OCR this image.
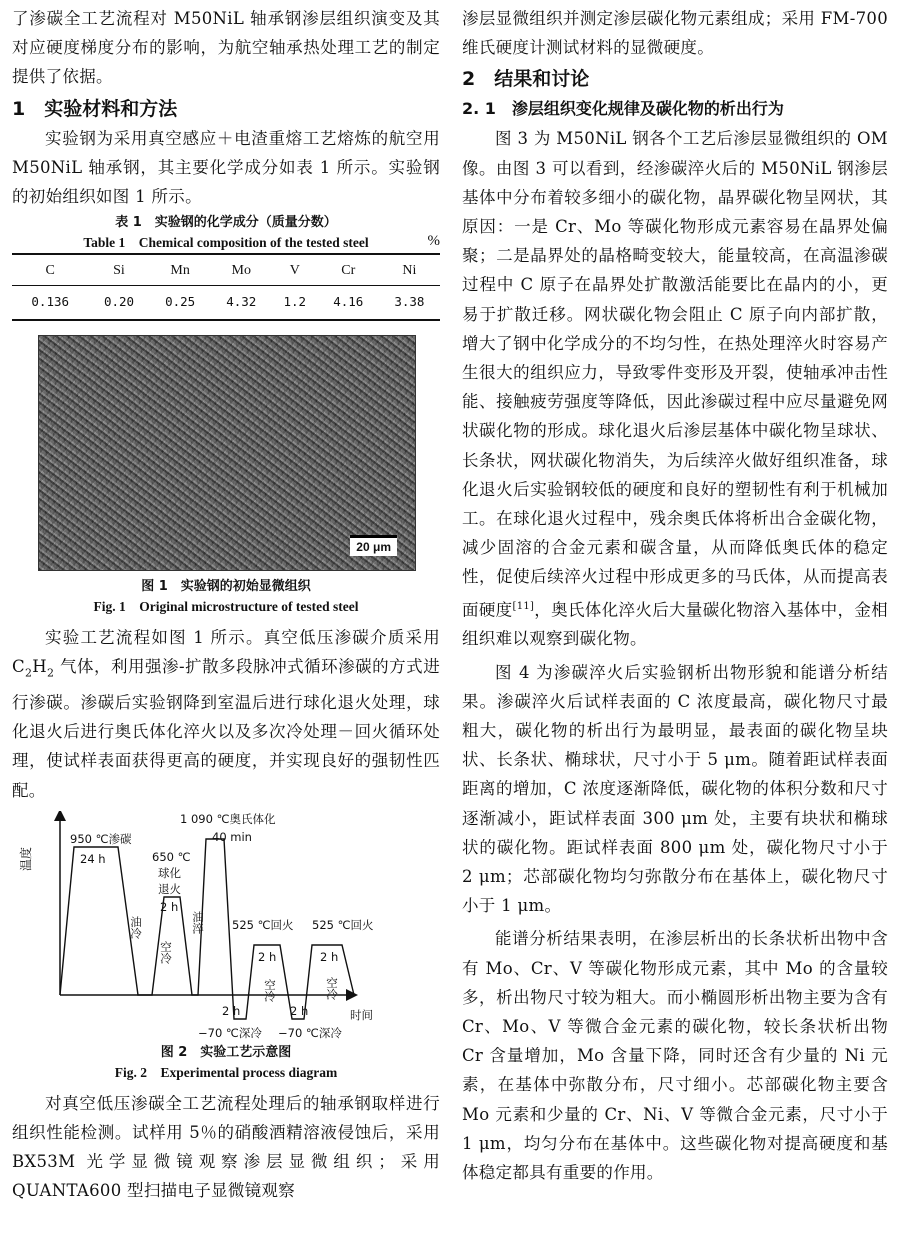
了渗碳全工艺流程对 M50NiL 轴承钢渗层组织演变及其对应硬度梯度分布的影响，为航空轴承热处理工艺的制定提供了依据。

1　实验材料和方法

实验钢为采用真空感应＋电渣重熔工艺熔炼的航空用 M50NiL 轴承钢，其主要化学成分如表 1 所示。实验钢的初始组织如图 1 所示。

表 1　实验钢的化学成分（质量分数）

Table 1　Chemical composition of the tested steel	%
C	Si	Mn	Mo	V	Cr	Ni
0.136	0.20	0.25	4.32	1.2	4.16	3.38
20 μm

图 1　实验钢的初始显微组织

Fig. 1　Original microstructure of tested steel

实验工艺流程如图 1 所示。真空低压渗碳介质采用 $C_2H_2$ 气体，利用强渗-扩散多段脉冲式循环渗碳的方式进行渗碳。渗碳后实验钢降到室温后进行球化退火处理，球化退火后进行奥氏体化淬火以及多次冷处理－回火循环处理，使试样表面获得更高的硬度，并实现良好的强韧性匹配。

温度
时间
950 ℃渗碳
24 h
油冷
650 ℃
球化
退火
2 h
空冷
1 090 ℃奥氏体化
40 min
油淬
2 h
−70 ℃深冷
525 ℃回火
2 h
空冷
2 h
−70 ℃深冷
525 ℃回火
2 h
空冷

图 2　实验工艺示意图

Fig. 2　Experimental process diagram

对真空低压渗碳全工艺流程处理后的轴承钢取样进行组织性能检测。试样用 5％的硝酸酒精溶液侵蚀后，采用 BX53M 光学显微镜观察渗层显微组织；采用 QUANTA600 型扫描电子显微镜观察

渗层显微组织并测定渗层碳化物元素组成；采用 FM-700 维氏硬度计测试材料的显微硬度。

2　结果和讨论
2. 1　渗层组织变化规律及碳化物的析出行为

图 3 为 M50NiL 钢各个工艺后渗层显微组织的 OM 像。由图 3 可以看到，经渗碳淬火后的 M50NiL 钢渗层基体中分布着较多细小的碳化物，晶界碳化物呈网状，其原因：一是 Cr、Mo 等碳化物形成元素容易在晶界处偏聚；二是晶界处的晶格畸变较大，能量较高，在高温渗碳过程中 C 原子在晶界处扩散激活能要比在晶内的小，更易于扩散迁移。网状碳化物会阻止 C 原子向内部扩散，增大了钢中化学成分的不均匀性，在热处理淬火时容易产生很大的组织应力，导致零件变形及开裂，使轴承冲击性能、接触疲劳强度等降低，因此渗碳过程中应尽量避免网状碳化物的形成。球化退火后渗层基体中碳化物呈球状、长条状，网状碳化物消失，为后续淬火做好组织准备，球化退火后实验钢较低的硬度和良好的塑韧性有利于机械加工。在球化退火过程中，残余奥氏体将析出合金碳化物，减少固溶的合金元素和碳含量，从而降低奥氏体的稳定性，促使后续淬火过程中形成更多的马氏体，从而提高表面硬度[11]，奥氏体化淬火后大量碳化物溶入基体中，金相组织难以观察到碳化物。

图 4 为渗碳淬火后实验钢析出物形貌和能谱分析结果。渗碳淬火后试样表面的 C 浓度最高，碳化物尺寸最粗大，碳化物的析出行为最明显，最表面的碳化物呈块状、长条状、椭球状，尺寸小于 5 μm。随着距试样表面距离的增加，C 浓度逐渐降低，碳化物的体积分数和尺寸逐渐减小，距试样表面 300 μm 处，主要有块状和椭球状的碳化物。距试样表面 800 μm 处，碳化物尺寸小于 2 μm；芯部碳化物均匀弥散分布在基体上，碳化物尺寸小于 1 μm。

能谱分析结果表明，在渗层析出的长条状析出物中含有 Mo、Cr、V 等碳化物形成元素，其中 Mo 的含量较多，析出物尺寸较为粗大。而小椭圆形析出物主要为含有 Cr、Mo、V 等微合金元素的碳化物，较长条状析出物 Cr 含量增加，Mo 含量下降，同时还含有少量的 Ni 元素，在基体中弥散分布，尺寸细小。芯部碳化物主要含 Mo 元素和少量的 Cr、Ni、V 等微合金元素，尺寸小于1 μm，均匀分布在基体中。这些碳化物对提高硬度和基体稳定都具有重要的作用。
